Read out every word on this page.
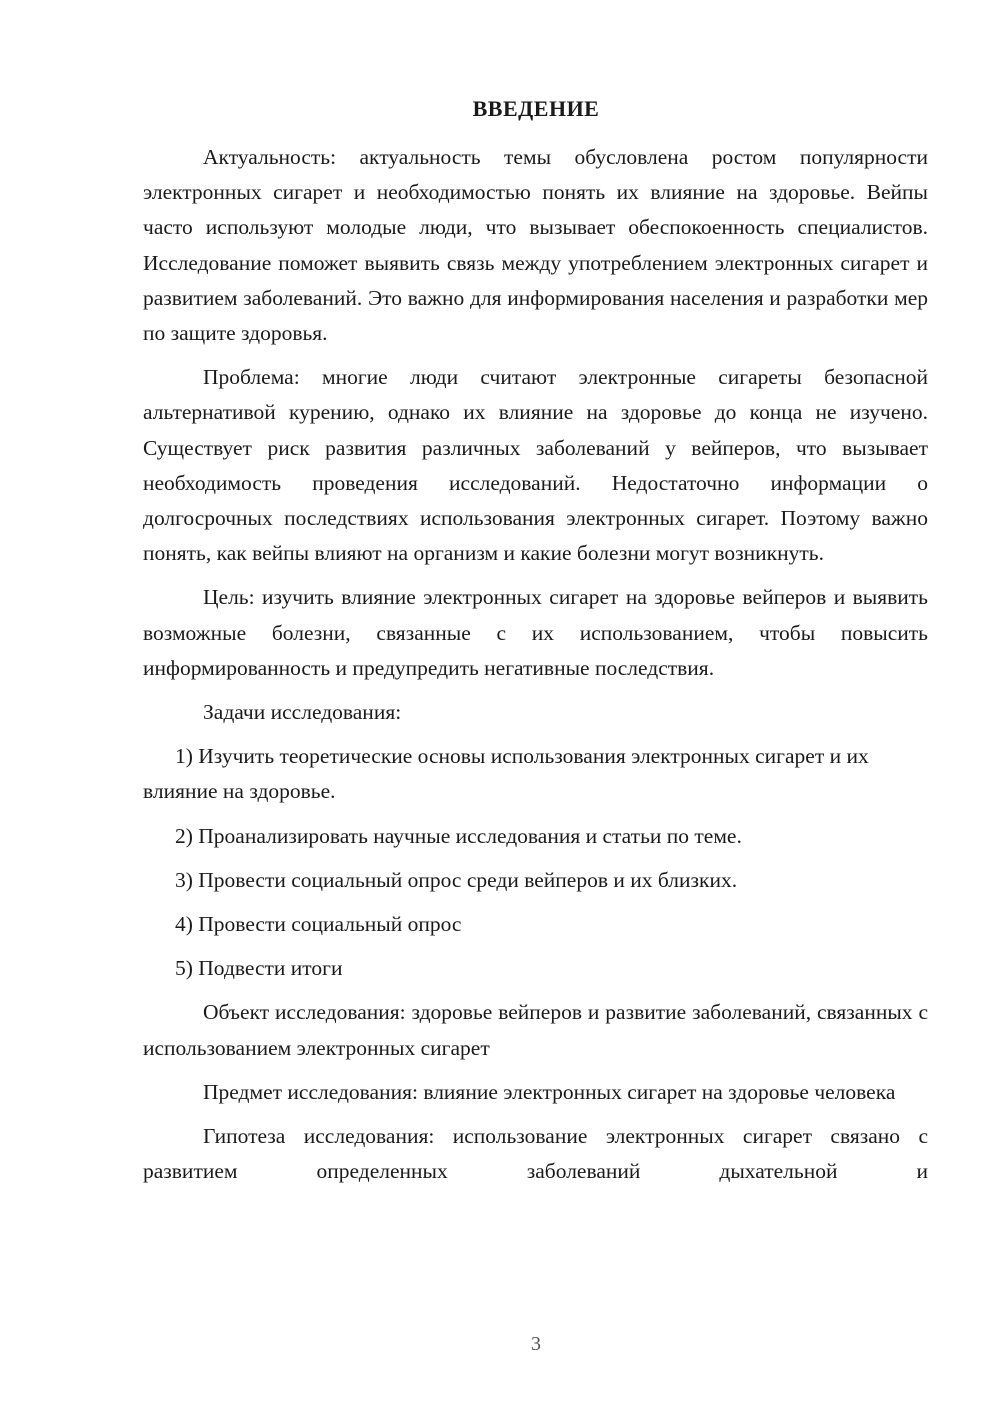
ВВЕДЕНИЕ

Актуальность: актуальность темы обусловлена ростом популярности электронных сигарет и необходимостью понять их влияние на здоровье. Вейпы часто используют молодые люди, что вызывает обеспокоенность специалистов. Исследование поможет выявить связь между употреблением электронных сигарет и развитием заболеваний. Это важно для информирования населения и разработки мер по защите здоровья.

Проблема: многие люди считают электронные сигареты безопасной альтернативой курению, однако их влияние на здоровье до конца не изучено. Существует риск развития различных заболеваний у вейперов, что вызывает необходимость проведения исследований. Недостаточно информации о долгосрочных последствиях использования электронных сигарет. Поэтому важно понять, как вейпы влияют на организм и какие болезни могут возникнуть.

Цель: изучить влияние электронных сигарет на здоровье вейперов и выявить возможные болезни, связанные с их использованием, чтобы повысить информированность и предупредить негативные последствия.

Задачи исследования:

1) Изучить теоретические основы использования электронных сигарет и их влияние на здоровье.

2) Проанализировать научные исследования и статьи по теме.

3) Провести социальный опрос среди вейперов и их близких.

4) Провести социальный опрос

5) Подвести итоги

Объект исследования: здоровье вейперов и развитие заболеваний, связанных с использованием электронных сигарет

Предмет исследования: влияние электронных сигарет на здоровье человека

Гипотеза исследования: использование электронных сигарет связано с развитием определенных заболеваний дыхательной и

3
